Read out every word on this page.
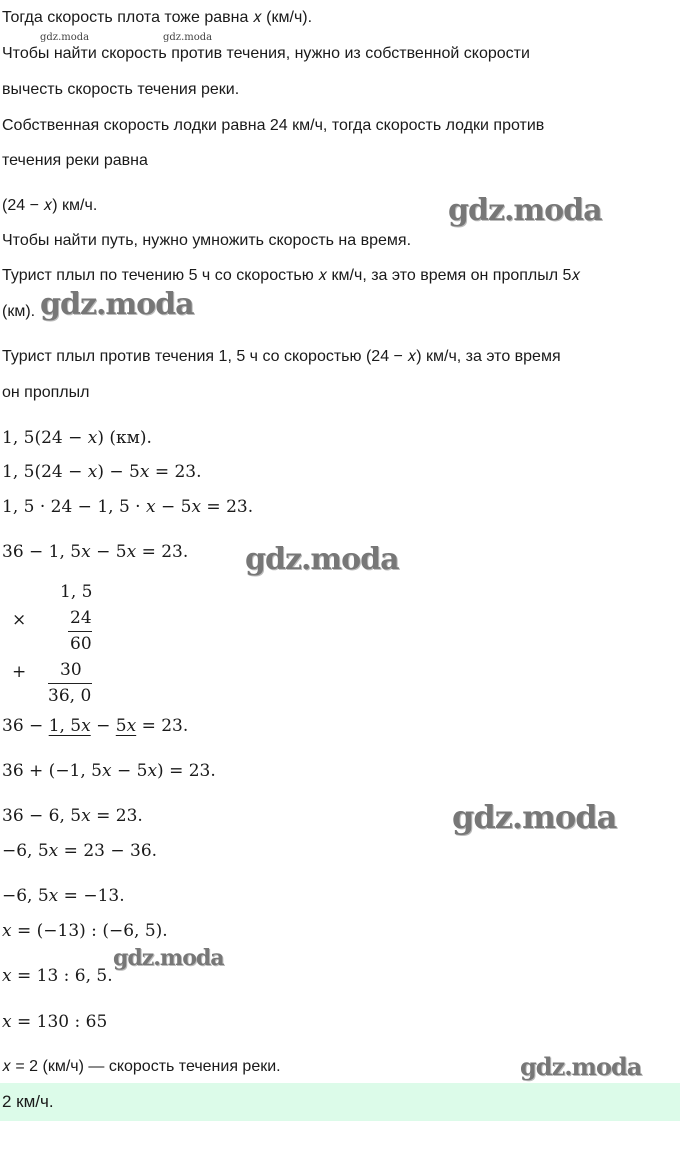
Тогда скорость плота тоже равна 𝑥 (км/ч).
Чтобы найти скорость против течения, нужно из собственной скорости
вычесть скорость течения реки.
Собственная скорость лодки равна 24 км/ч, тогда скорость лодки против
течения реки равна
(24 − 𝑥) км/ч.
Чтобы найти путь, нужно умножить скорость на время.
Турист плыл по течению 5 ч со скоростью 𝑥 км/ч, за это время он проплыл 5𝑥
(км).
Турист плыл против течения 1, 5 ч со скоростью (24 − 𝑥) км/ч, за это время
он проплыл
1, 5(24 − 𝑥) (км).
1, 5(24 − 𝑥) − 5𝑥 = 23.
1, 5 · 24 − 1, 5 · 𝑥 − 5𝑥 = 23.
36 − 1, 5𝑥 − 5𝑥 = 23.
1, 5
×	24
60
+ 30
36, 0
36 − 1, 5𝑥 − 5𝑥 = 23.
36 + (−1, 5𝑥 − 5𝑥) = 23.
36 − 6, 5𝑥 = 23.
−6, 5𝑥 = 23 − 36.
−6, 5𝑥 = −13.
𝑥 = (−13) : (−6, 5).
𝑥 = 13 : 6, 5.
𝑥 = 130 : 65
𝑥 = 2 (км/ч) — скорость течения реки.
2 км/ч.
gdz.moda	gdz.moda
gdz.moda
gdz.moda
gdz.moda
gdz.moda
gdz.moda
gdz.moda
